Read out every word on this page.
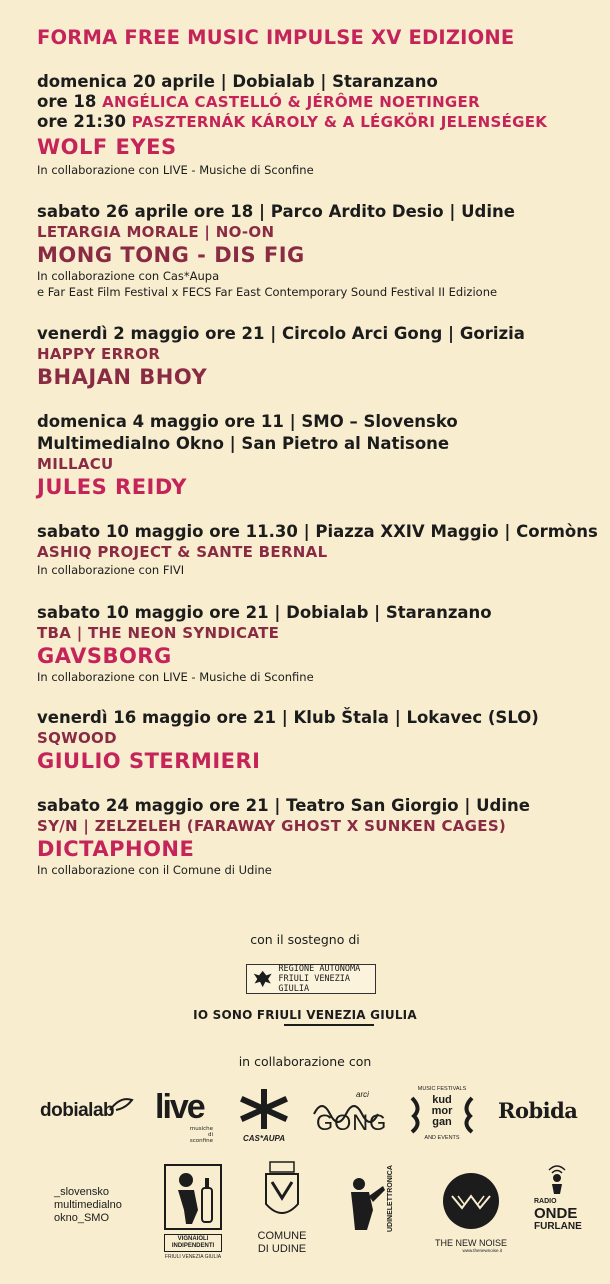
FORMA FREE MUSIC IMPULSE XV EDIZIONE
domenica 20 aprile | Dobialab | Staranzano
ore 18 ANGÉLICA CASTELLÓ & JÉRÔME NOETINGER
ore 21:30 PASZTERNÁK KÁROLY & A LÉGKÖRI JELENSÉGEK
WOLF EYES
In collaborazione con LIVE - Musiche di Sconfine
sabato 26 aprile ore 18 | Parco Ardito Desio | Udine
LETARGIA MORALE | NO-ON
MONG TONG - DIS FIG
In collaborazione con Cas*Aupa
e Far East Film Festival x FECS Far East Contemporary Sound Festival II Edizione
venerdì 2 maggio ore 21 | Circolo Arci Gong | Gorizia
HAPPY ERROR
BHAJAN BHOY
domenica 4 maggio ore 11 | SMO – Slovensko
Multimedialno Okno | San Pietro al Natisone
MILLACU
JULES REIDY
sabato 10 maggio ore 11.30 | Piazza XXIV Maggio | Cormòns
ASHIQ PROJECT & SANTE BERNAL
In collaborazione con FIVI
sabato 10 maggio ore 21 | Dobialab | Staranzano
TBA | THE NEON SYNDICATE
GAVSBORG
In collaborazione con LIVE - Musiche di Sconfine
venerdì 16 maggio ore 21 | Klub Štala | Lokavec (SLO)
SQWOOD
GIULIO STERMIERI
sabato 24 maggio ore 21 | Teatro San Giorgio | Udine
SY/N | ZELZELEH (FARAWAY GHOST X SUNKEN CAGES)
DICTAPHONE
In collaborazione con il Comune di Udine
con il sostegno di
REGIONE AUTONOMA
FRIULI VENEZIA GIULIA
IO SONO FRIULI VENEZIA GIULIA
in collaborazione con
dobialab live
musiche di
sconfine	CAS*AUPA
arci
GONG
MUSIC FESTIVALS
kud
mor
gan
AND EVENTS
Robida
_slovensko
multimedialno
okno_SMO
VIGNAIOLI
INDIPENDENTI
FRIULI VENEZIA GIULIA
COMUNE
DI UDINE
UDINELETTRONICA
THE NEW NOISE
www.thenewnoise.it
RADIO
ONDE
FURLANE
